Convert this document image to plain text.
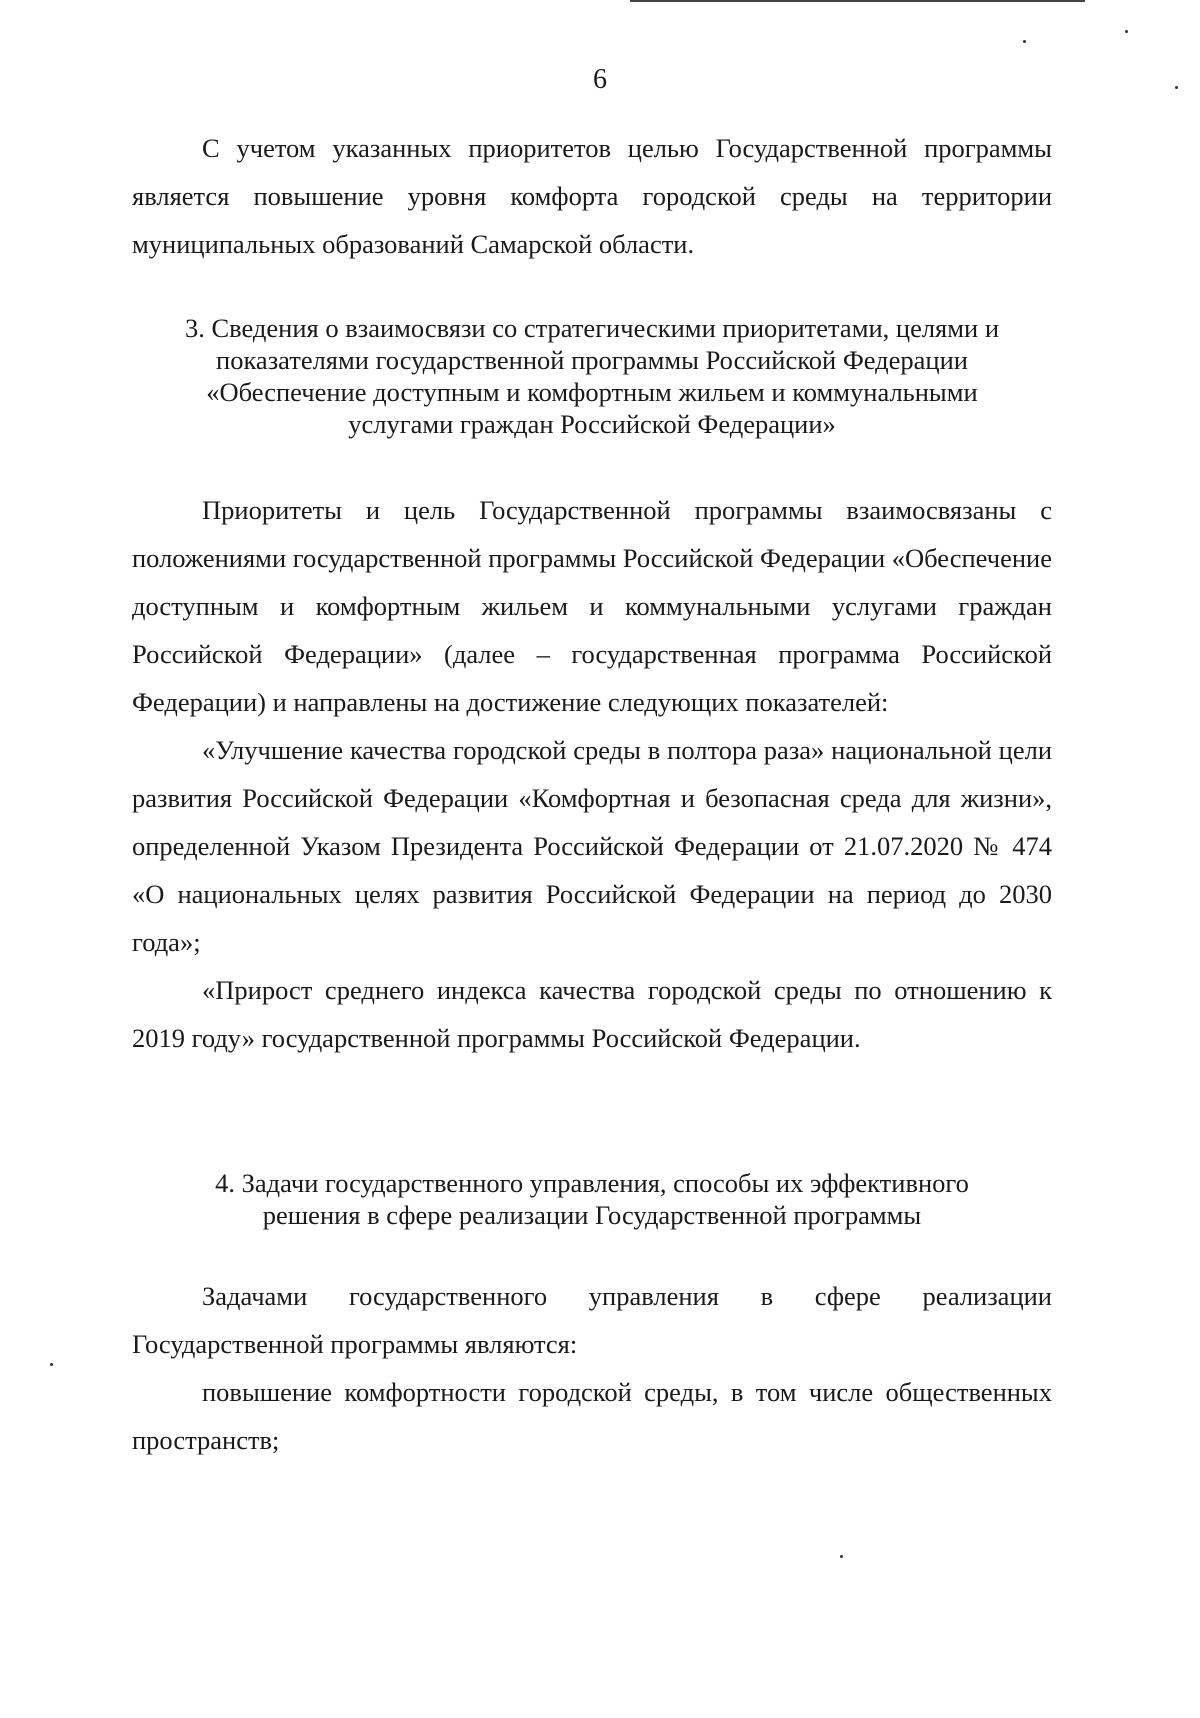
6

С учетом указанных приоритетов целью Государственной программы является повышение уровня комфорта городской среды на территории муниципальных образований Самарской области.

3. Сведения о взаимосвязи со стратегическими приоритетами, целями и
показателями государственной программы Российской Федерации
«Обеспечение доступным и комфортным жильем и коммунальными
услугами граждан Российской Федерации»

Приоритеты и цель Государственной программы взаимосвязаны с положениями государственной программы Российской Федерации «Обеспечение доступным и комфортным жильем и коммунальными услугами граждан Российской Федерации» (далее – государственная программа Российской Федерации) и направлены на достижение следующих показателей:

«Улучшение качества городской среды в полтора раза» национальной цели развития Российской Федерации «Комфортная и безопасная среда для жизни», определенной Указом Президента Российской Федерации от 21.07.2020 № 474 «О национальных целях развития Российской Федерации на период до 2030 года»;

«Прирост среднего индекса качества городской среды по отношению к 2019 году» государственной программы Российской Федерации.

4. Задачи государственного управления, способы их эффективного
решения в сфере реализации Государственной программы

Задачами государственного управления в сфере реализации Государственной программы являются:

повышение комфортности городской среды, в том числе общественных пространств;
